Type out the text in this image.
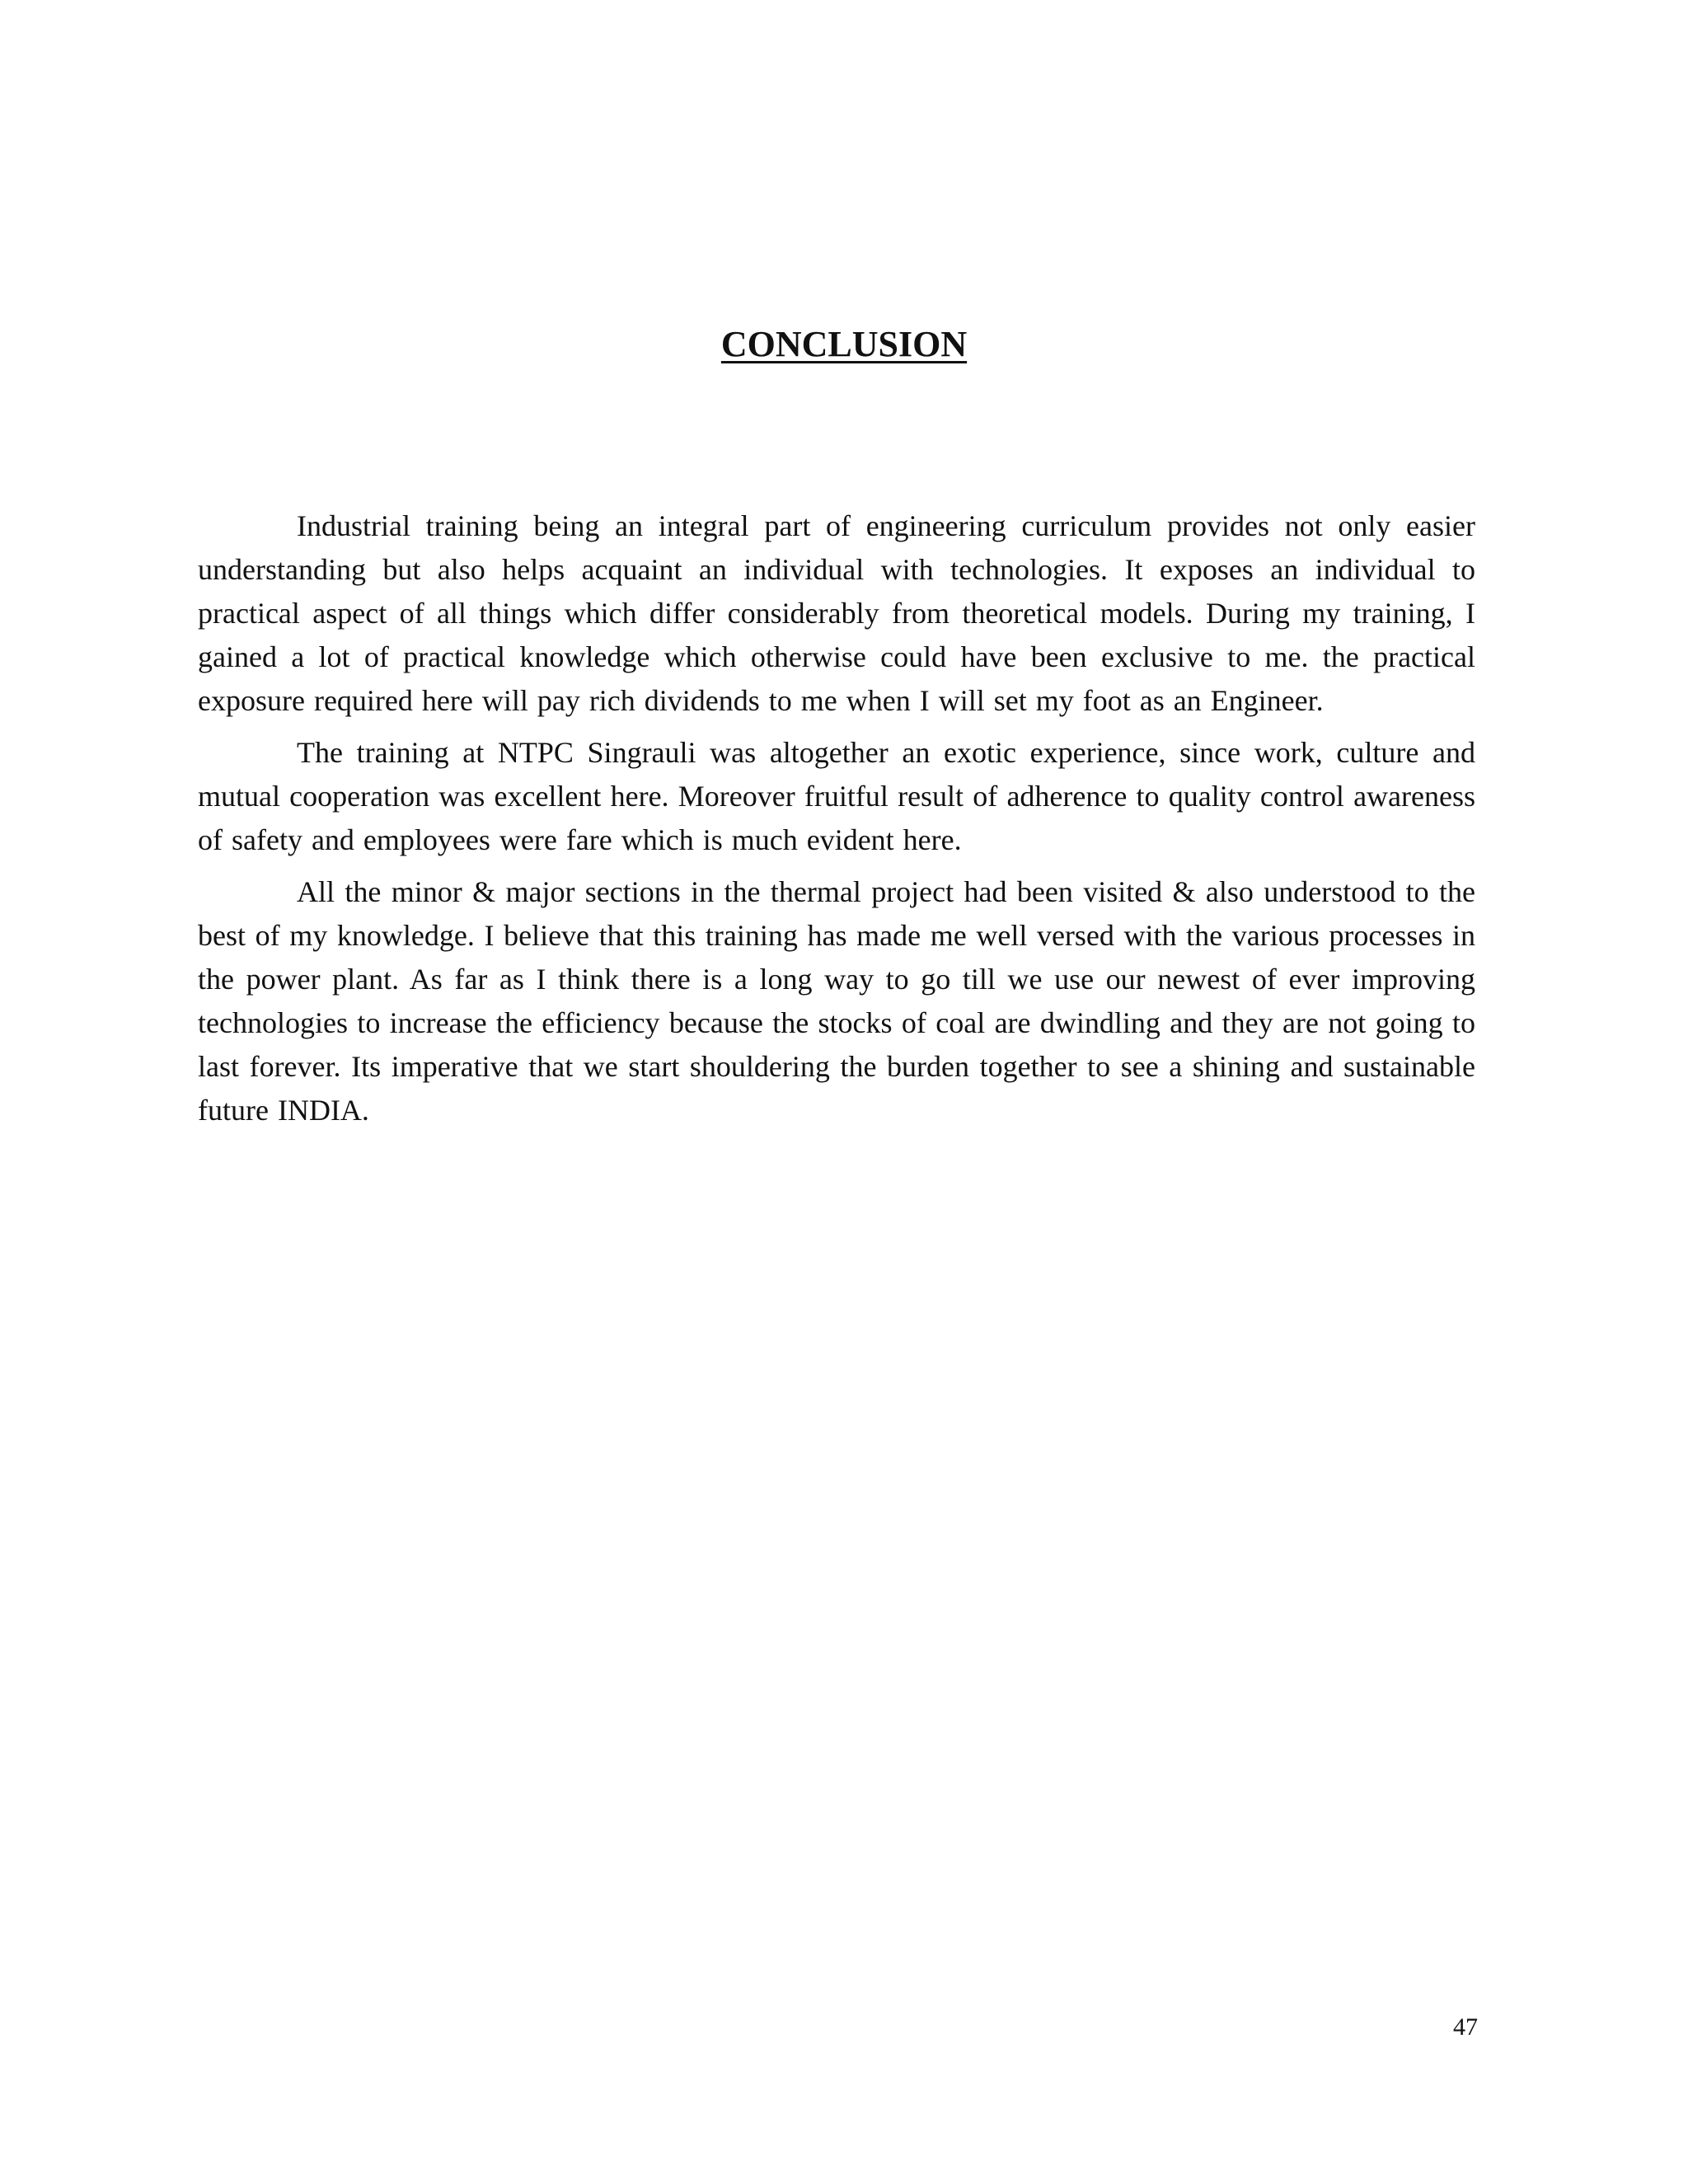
CONCLUSION

Industrial training being an integral part of engineering curriculum provides not only easier understanding but also helps acquaint an individual with technologies. It exposes an individual to practical aspect of all things which differ considerably from theoretical models. During my training, I gained a lot of practical knowledge which otherwise could have been exclusive to me. the practical exposure required here will pay rich dividends to me when I will set my foot as an Engineer.

The training at NTPC Singrauli was altogether an exotic experience, since work, culture and mutual cooperation was excellent here. Moreover fruitful result of adherence to quality control awareness of safety and employees were fare which is much evident here.

All the minor & major sections in the thermal project had been visited & also understood to the best of my knowledge. I believe that this training has made me well versed with the various processes in the power plant. As far as I think there is a long way to go till we use our newest of ever improving technologies to increase the efficiency because the stocks of coal are dwindling and they are not going to last forever. Its imperative that we start shouldering the burden together to see a shining and sustainable future INDIA.

47
